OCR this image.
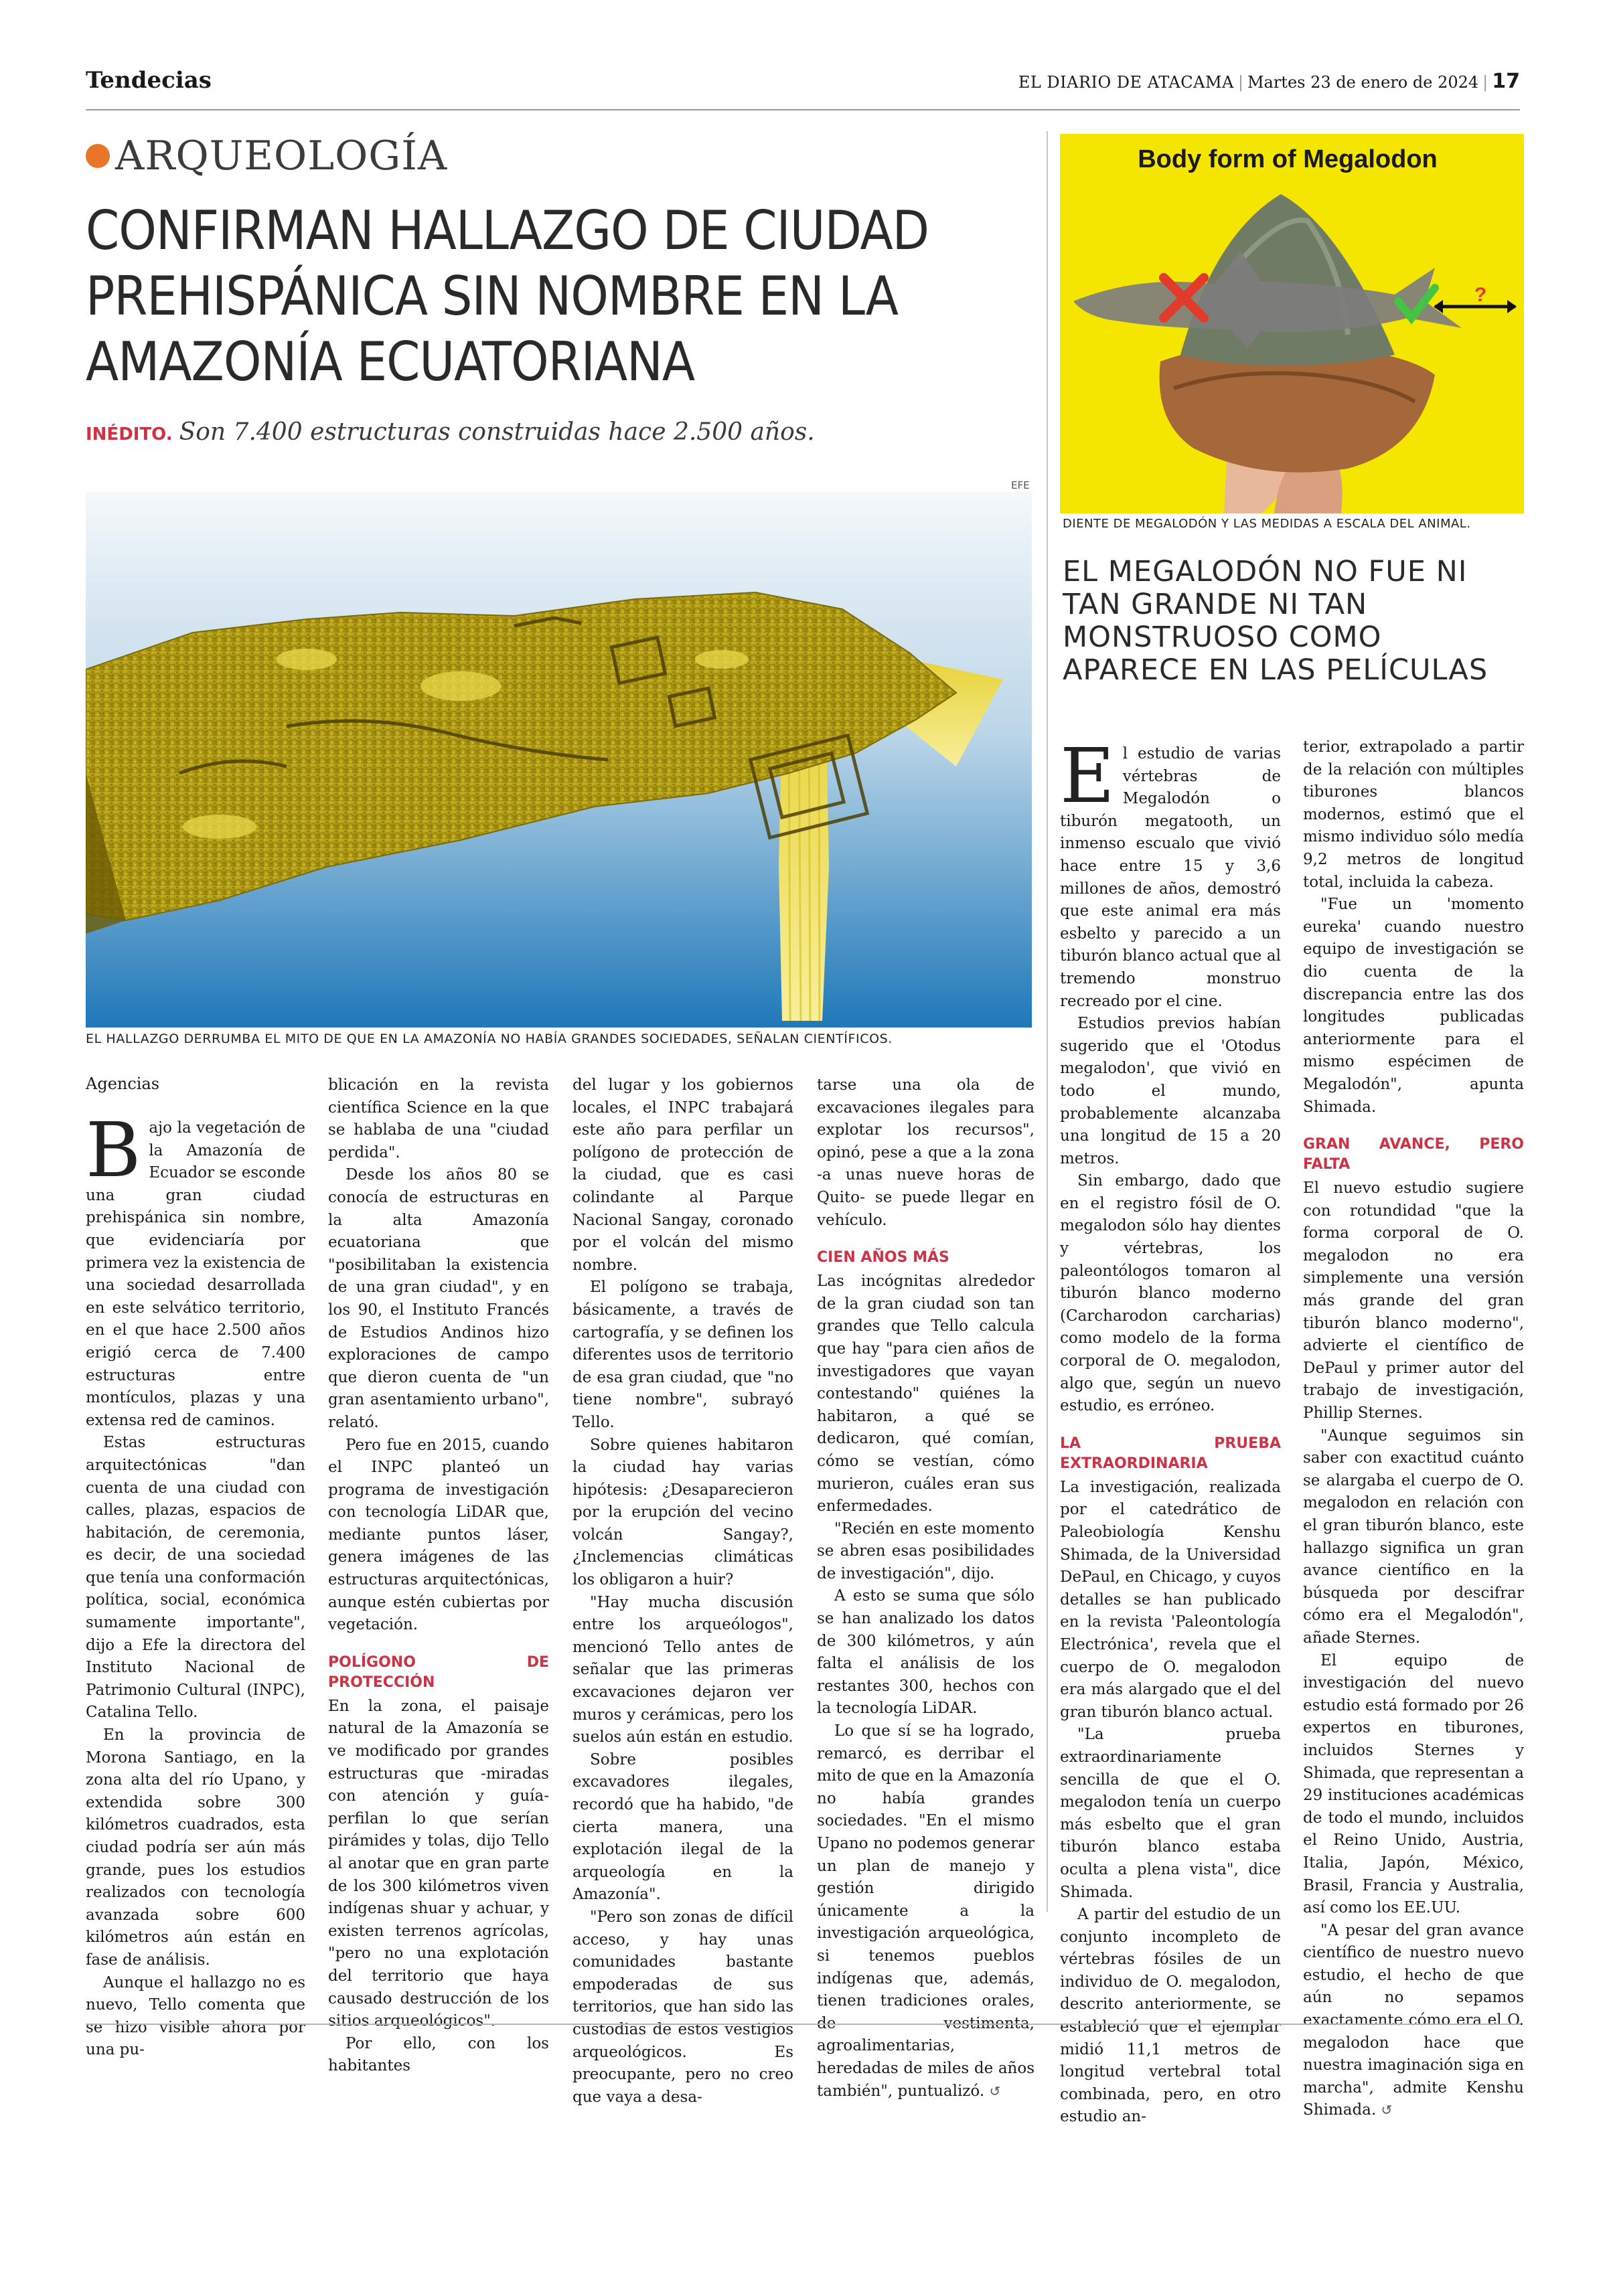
Tendecias	EL DIARIO DE ATACAMA | Martes 23 de enero de 2024 | 17
ARQUEOLOGÍA
CONFIRMAN HALLAZGO DE CIUDAD PREHISPÁNICA SIN NOMBRE EN LA AMAZONÍA ECUATORIANA
INÉDITO. Son 7.400 estructuras construidas hace 2.500 años.
EFE
EL HALLAZGO DERRUMBA EL MITO DE QUE EN LA AMAZONÍA NO HABÍA GRANDES SOCIEDADES, SEÑALAN CIENTÍFICOS.
Agencias

Bajo la vegetación de la Amazonía de Ecuador se esconde una gran ciudad prehispánica sin nombre, que evidenciaría por primera vez la existencia de una sociedad desarrollada en este selvático territorio, en el que hace 2.500 años erigió cerca de 7.400 estructuras entre montículos, plazas y una extensa red de caminos.

Estas estructuras arquitectónicas "dan cuenta de una ciudad con calles, plazas, espacios de habitación, de ceremonia, es decir, de una sociedad que tenía una conformación política, social, económica sumamente importante", dijo a Efe la directora del Instituto Nacional de Patrimonio Cultural (INPC), Catalina Tello.

En la provincia de Morona Santiago, en la zona alta del río Upano, y extendida sobre 300 kilómetros cuadrados, esta ciudad podría ser aún más grande, pues los estudios realizados con tecnología avanzada sobre 600 kilómetros aún están en fase de análisis.

Aunque el hallazgo no es nuevo, Tello comenta que se hizo visible ahora por una pu-

blicación en la revista científica Science en la que se hablaba de una "ciudad perdida".

Desde los años 80 se conocía de estructuras en la alta Amazonía ecuatoriana que "posibilitaban la existencia de una gran ciudad", y en los 90, el Instituto Francés de Estudios Andinos hizo exploraciones de campo que dieron cuenta de "un gran asentamiento urbano", relató.

Pero fue en 2015, cuando el INPC planteó un programa de investigación con tecnología LiDAR que, mediante puntos láser, genera imágenes de las estructuras arquitectónicas, aunque estén cubiertas por vegetación.

POLÍGONO DE PROTECCIÓN

En la zona, el paisaje natural de la Amazonía se ve modificado por grandes estructuras que -miradas con atención y guía- perfilan lo que serían pirámides y tolas, dijo Tello al anotar que en gran parte de los 300 kilómetros viven indígenas shuar y achuar, y existen terrenos agrícolas, "pero no una explotación del territorio que haya causado destrucción de los sitios arqueológicos".

Por ello, con los habitantes

del lugar y los gobiernos locales, el INPC trabajará este año para perfilar un polígono de protección de la ciudad, que es casi colindante al Parque Nacional Sangay, coronado por el volcán del mismo nombre.

El polígono se trabaja, básicamente, a través de cartografía, y se definen los diferentes usos de territorio de esa gran ciudad, que "no tiene nombre", subrayó Tello.

Sobre quienes habitaron la ciudad hay varias hipótesis: ¿Desaparecieron por la erupción del vecino volcán Sangay?, ¿Inclemencias climáticas los obligaron a huir?

"Hay mucha discusión entre los arqueólogos", mencionó Tello antes de señalar que las primeras excavaciones dejaron ver muros y cerámicas, pero los suelos aún están en estudio.

Sobre posibles excavadores ilegales, recordó que ha habido, "de cierta manera, una explotación ilegal de la arqueología en la Amazonía".

"Pero son zonas de difícil acceso, y hay unas comunidades bastante empoderadas de sus territorios, que han sido las custodias de estos vestigios arqueológicos. Es preocupante, pero no creo que vaya a desa-

tarse una ola de excavaciones ilegales para explotar los recursos", opinó, pese a que a la zona -a unas nueve horas de Quito- se puede llegar en vehículo.

CIEN AÑOS MÁS

Las incógnitas alrededor de la gran ciudad son tan grandes que Tello calcula que hay "para cien años de investigadores que vayan contestando" quiénes la habitaron, a qué se dedicaron, qué comían, cómo se vestían, cómo murieron, cuáles eran sus enfermedades.

"Recién en este momento se abren esas posibilidades de investigación", dijo.

A esto se suma que sólo se han analizado los datos de 300 kilómetros, y aún falta el análisis de los restantes 300, hechos con la tecnología LiDAR.

Lo que sí se ha logrado, remarcó, es derribar el mito de que en la Amazonía no había grandes sociedades. "En el mismo Upano no podemos generar un plan de manejo y gestión dirigido únicamente a la investigación arqueológica, si tenemos pueblos indígenas que, además, tienen tradiciones orales, de vestimenta, agroalimentarias, heredadas de miles de años también", puntualizó. ↺

Body form of Megalodon
?
DIENTE DE MEGALODÓN Y LAS MEDIDAS A ESCALA DEL ANIMAL.
EL MEGALODÓN NO FUE NI TAN GRANDE NI TAN MONSTRUOSO COMO APARECE EN LAS PELÍCULAS

El estudio de varias vértebras de Megalodón o tiburón megatooth, un inmenso escualo que vivió hace entre 15 y 3,6 millones de años, demostró que este animal era más esbelto y parecido a un tiburón blanco actual que al tremendo monstruo recreado por el cine.

Estudios previos habían sugerido que el 'Otodus megalodon', que vivió en todo el mundo, probablemente alcanzaba una longitud de 15 a 20 metros.

Sin embargo, dado que en el registro fósil de O. megalodon sólo hay dientes y vértebras, los paleontólogos tomaron al tiburón blanco moderno (Carcharodon carcharias) como modelo de la forma corporal de O. megalodon, algo que, según un nuevo estudio, es erróneo.

LA PRUEBA EXTRAORDINARIA

La investigación, realizada por el catedrático de Paleobiología Kenshu Shimada, de la Universidad DePaul, en Chicago, y cuyos detalles se han publicado en la revista 'Paleontología Electrónica', revela que el cuerpo de O. megalodon era más alargado que el del gran tiburón blanco actual.

"La prueba extraordinariamente sencilla de que el O. megalodon tenía un cuerpo más esbelto que el gran tiburón blanco estaba oculta a plena vista", dice Shimada.

A partir del estudio de un conjunto incompleto de vértebras fósiles de un individuo de O. megalodon, descrito anteriormente, se estableció que el ejemplar midió 11,1 metros de longitud vertebral total combinada, pero, en otro estudio an-

terior, extrapolado a partir de la relación con múltiples tiburones blancos modernos, estimó que el mismo individuo sólo medía 9,2 metros de longitud total, incluida la cabeza.

"Fue un 'momento eureka' cuando nuestro equipo de investigación se dio cuenta de la discrepancia entre las dos longitudes publicadas anteriormente para el mismo espécimen de Megalodón", apunta Shimada.

GRAN AVANCE, PERO FALTA

El nuevo estudio sugiere con rotundidad "que la forma corporal de O. megalodon no era simplemente una versión más grande del gran tiburón blanco moderno", advierte el científico de DePaul y primer autor del trabajo de investigación, Phillip Sternes.

"Aunque seguimos sin saber con exactitud cuánto se alargaba el cuerpo de O. megalodon en relación con el gran tiburón blanco, este hallazgo significa un gran avance científico en la búsqueda por descifrar cómo era el Megalodón", añade Sternes.

El equipo de investigación del nuevo estudio está formado por 26 expertos en tiburones, incluidos Sternes y Shimada, que representan a 29 instituciones académicas de todo el mundo, incluidos el Reino Unido, Austria, Italia, Japón, México, Brasil, Francia y Australia, así como los EE.UU.

"A pesar del gran avance científico de nuestro nuevo estudio, el hecho de que aún no sepamos exactamente cómo era el O. megalodon hace que nuestra imaginación siga en marcha", admite Kenshu Shimada. ↺
